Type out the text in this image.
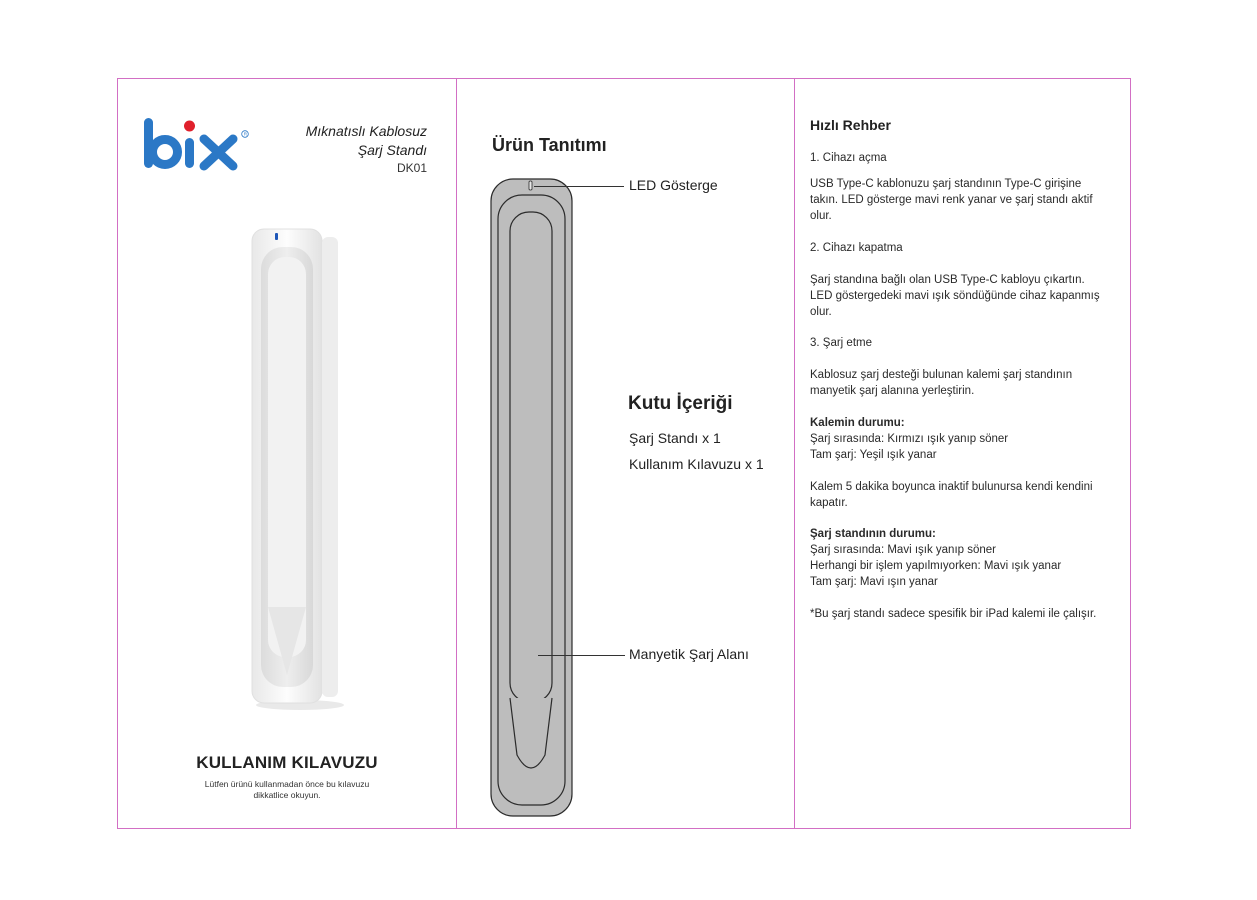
R	Mıknatıslı Kablosuz
Şarj Standı
DK01
KULLANIM KILAVUZU
Lütfen ürünü kullanmadan önce bu kılavuzu
dikkatlice okuyun.
Ürün Tanıtımı
LED Gösterge
Manyetik Şarj Alanı
Kutu İçeriği
Şarj Standı x 1
Kullanım Kılavuzu x 1
Hızlı Rehber
1. Cihazı açma
USB Type-C kablonuzu şarj standının Type-C girişine takın. LED gösterge mavi renk yanar ve şarj standı aktif olur.
2. Cihazı kapatma
Şarj standına bağlı olan USB Type-C kabloyu çıkartın. LED göstergedeki mavi ışık söndüğünde cihaz kapanmış olur.
3. Şarj etme
Kablosuz şarj desteği bulunan kalemi şarj standının manyetik şarj alanına yerleştirin.
Kalemin durumu:
Şarj sırasında: Kırmızı ışık yanıp söner
Tam şarj: Yeşil ışık yanar
Kalem 5 dakika boyunca inaktif bulunursa kendi kendini kapatır.
Şarj standının durumu:
Şarj sırasında: Mavi ışık yanıp söner
Herhangi bir işlem yapılmıyorken: Mavi ışık yanar
Tam şarj: Mavi ışın yanar
*Bu şarj standı sadece spesifik bir iPad kalemi ile çalışır.
